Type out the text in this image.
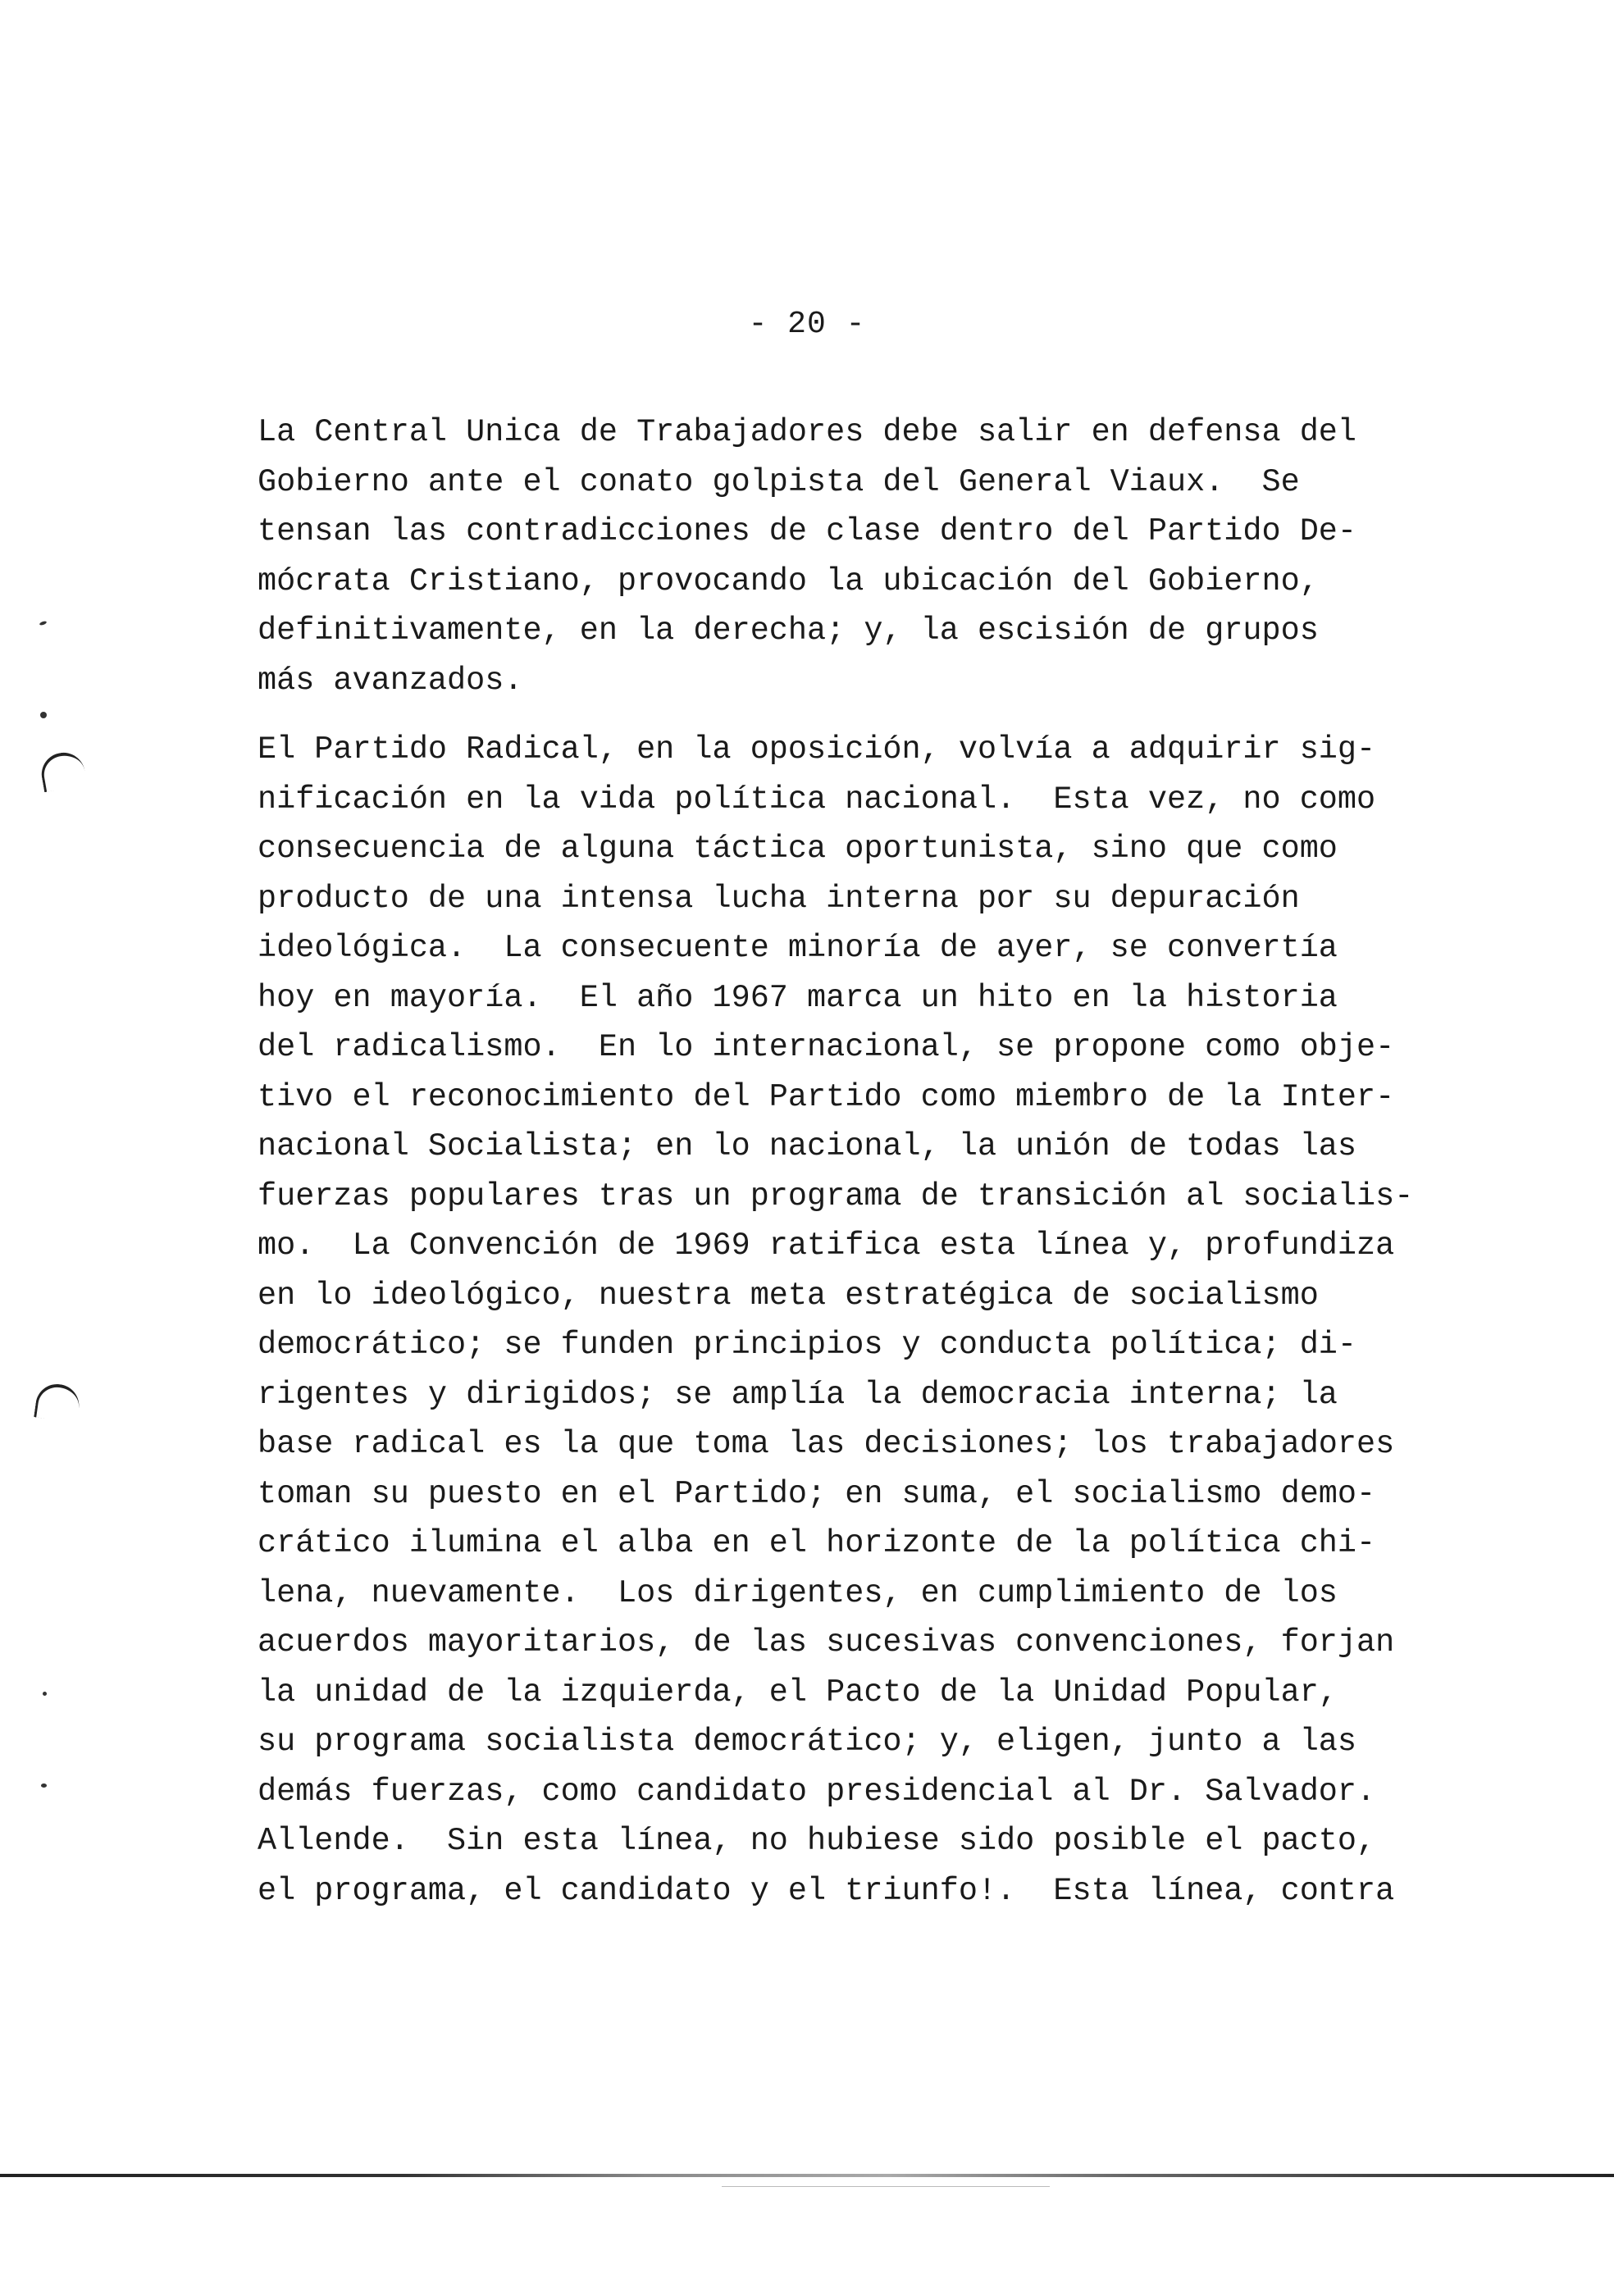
- 20 -
La Central Unica de Trabajadores debe salir en defensa del
Gobierno ante el conato golpista del General Viaux.  Se
tensan las contradicciones de clase dentro del Partido De-
mócrata Cristiano, provocando la ubicación del Gobierno,
definitivamente, en la derecha; y, la escisión de grupos
más avanzados.
El Partido Radical, en la oposición, volvía a adquirir sig-
nificación en la vida política nacional.  Esta vez, no como
consecuencia de alguna táctica oportunista, sino que como
producto de una intensa lucha interna por su depuración
ideológica.  La consecuente minoría de ayer, se convertía
hoy en mayoría.  El año 1967 marca un hito en la historia
del radicalismo.  En lo internacional, se propone como obje-
tivo el reconocimiento del Partido como miembro de la Inter-
nacional Socialista; en lo nacional, la unión de todas las
fuerzas populares tras un programa de transición al socialis-
mo.  La Convención de 1969 ratifica esta línea y, profundiza
en lo ideológico, nuestra meta estratégica de socialismo
democrático; se funden principios y conducta política; di-
rigentes y dirigidos; se amplía la democracia interna; la
base radical es la que toma las decisiones; los trabajadores
toman su puesto en el Partido; en suma, el socialismo demo-
crático ilumina el alba en el horizonte de la política chi-
lena, nuevamente.  Los dirigentes, en cumplimiento de los
acuerdos mayoritarios, de las sucesivas convenciones, forjan
la unidad de la izquierda, el Pacto de la Unidad Popular,
su programa socialista democrático; y, eligen, junto a las
demás fuerzas, como candidato presidencial al Dr. Salvador.
Allende.  Sin esta línea, no hubiese sido posible el pacto,
el programa, el candidato y el triunfo!.  Esta línea, contra
